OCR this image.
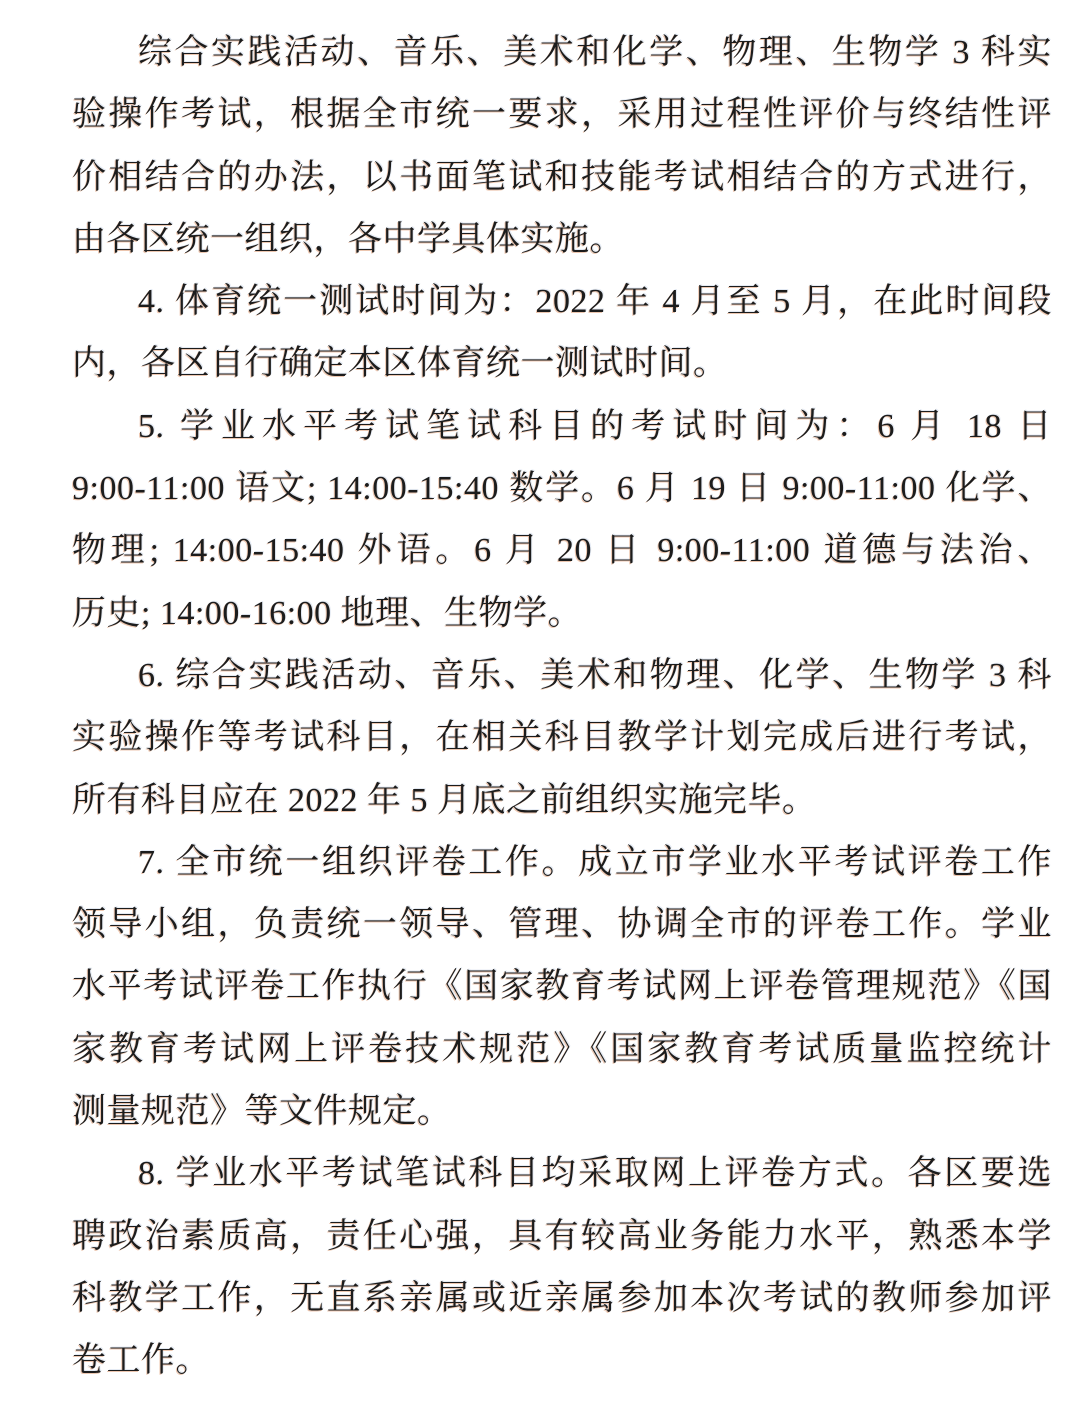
综合实践活动、音乐、美术和化学、物理、生物学 3 科实
验操作考试，根据全市统一要求，采用过程性评价与终结性评
价相结合的办法，以书面笔试和技能考试相结合的方式进行，
由各区统一组织，各中学具体实施。
4. 体育统一测试时间为：2022 年 4 月至 5 月，在此时间段
内，各区自行确定本区体育统一测试时间。
5. 学业水平考试笔试科目的考试时间为：6 月 18 日
9:00-11:00 语文; 14:00-15:40 数学。6 月 19 日 9:00-11:00 化学、
物理; 14:00-15:40 外语。6 月 20 日 9:00-11:00 道德与法治、
历史; 14:00-16:00 地理、生物学。
6. 综合实践活动、音乐、美术和物理、化学、生物学 3 科
实验操作等考试科目，在相关科目教学计划完成后进行考试，
所有科目应在 2022 年 5 月底之前组织实施完毕。
7. 全市统一组织评卷工作。成立市学业水平考试评卷工作
领导小组，负责统一领导、管理、协调全市的评卷工作。学业
水平考试评卷工作执行《国家教育考试网上评卷管理规范》《国
家教育考试网上评卷技术规范》《国家教育考试质量监控统计
测量规范》等文件规定。
8. 学业水平考试笔试科目均采取网上评卷方式。各区要选
聘政治素质高，责任心强，具有较高业务能力水平，熟悉本学
科教学工作，无直系亲属或近亲属参加本次考试的教师参加评
卷工作。
